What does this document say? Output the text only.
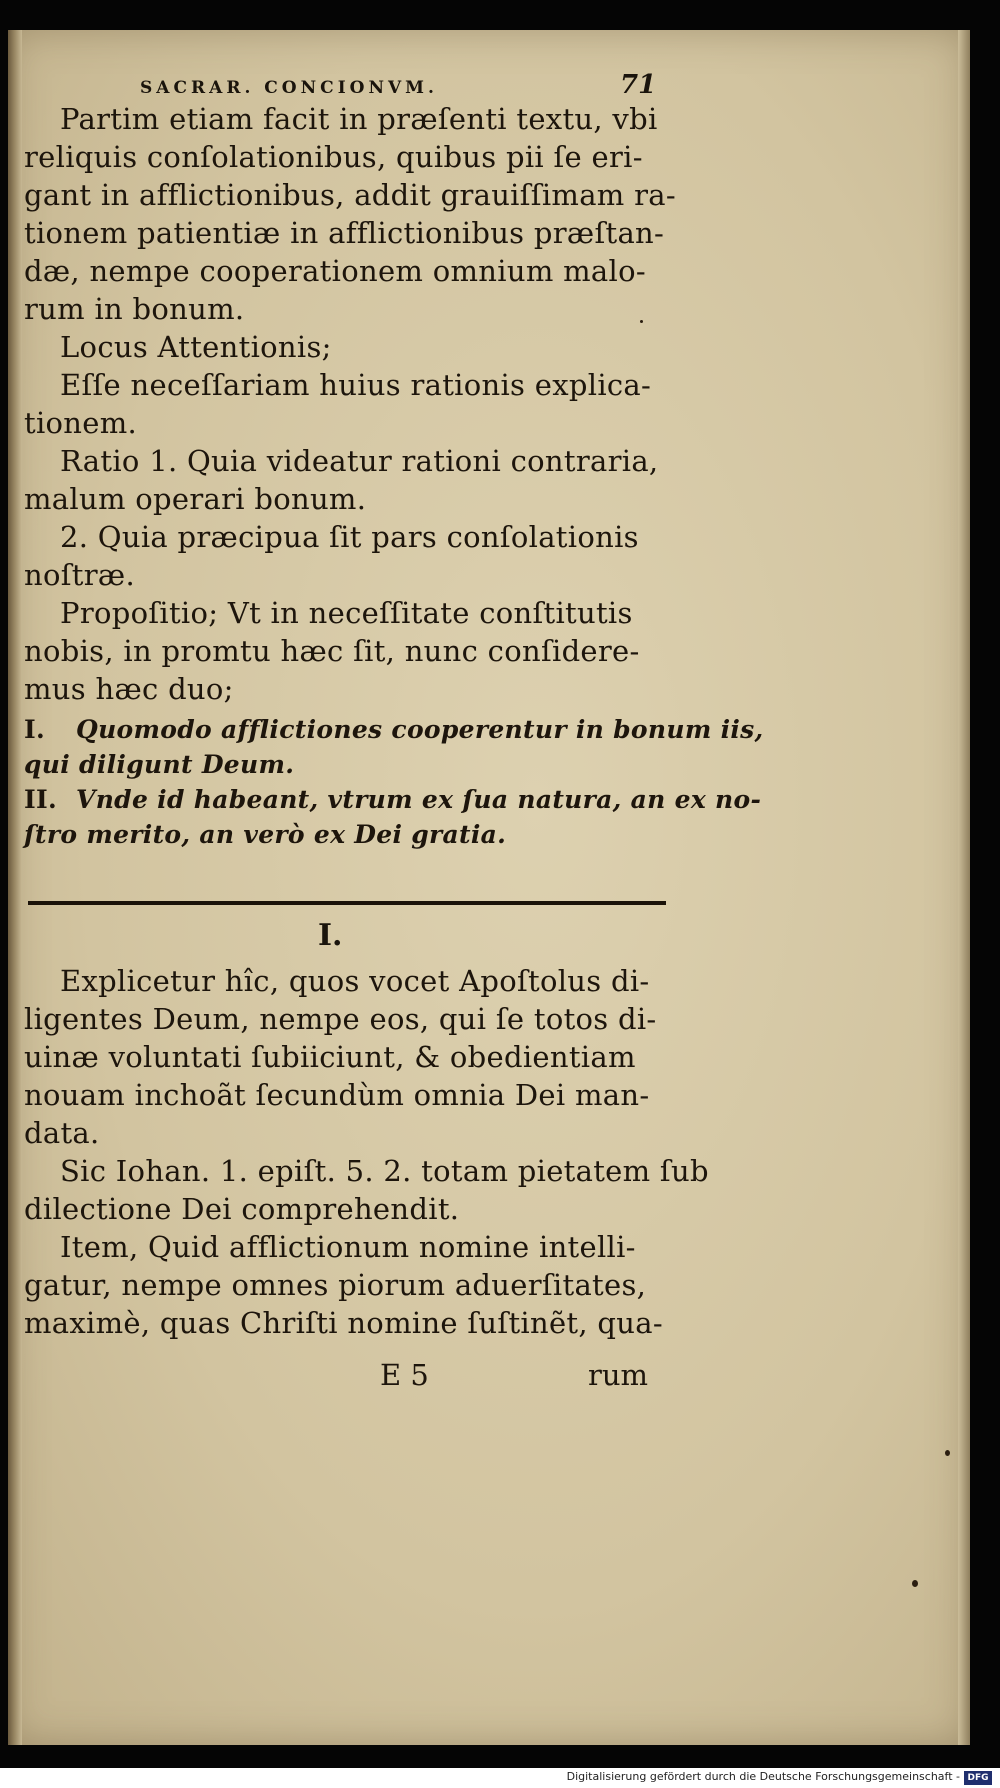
SACRAR. CONCIONVM.	71

Partim etiam facit in præſenti textu, vbi

reliquis conſolationibus, quibus pii ſe eri-

gant in afflictionibus, addit grauiſſimam ra-

tionem patientiæ in afflictionibus præſtan-

dæ, nempe cooperationem omnium malo-

rum in bonum.

Locus Attentionis;

Eſſe neceſſariam huius rationis explica-

tionem.

Ratio 1. Quia videatur rationi contraria,

malum operari bonum.

2. Quia præcipua ſit pars conſolationis

noſtræ.

Propoſitio; Vt in neceſſitate conſtitutis

nobis, in promtu hæc ſit, nunc conſidere-

mus hæc duo;

I. Quomodo afflictiones cooperentur in bonum iis,

qui diligunt Deum.

II. Vnde id habeant, vtrum ex ſua natura, an ex no-

ſtro merito, an verò ex Dei gratia.

I.

Explicetur hîc, quos vocet Apoſtolus di-

ligentes Deum, nempe eos, qui ſe totos di-

uinæ voluntati ſubiiciunt, & obedientiam

nouam inchoãt ſecundùm omnia Dei man-

data.

Sic Iohan. 1. epiſt. 5. 2. totam pietatem ſub

dilectione Dei comprehendit.

Item, Quid afflictionum nomine intelli-

gatur, nempe omnes piorum aduerſitates,

maximè, quas Chriſti nomine ſuſtinẽt, qua-

E 5	rum
Digitalisierung gefördert durch die Deutsche Forschungsgemeinschaft - DFG
